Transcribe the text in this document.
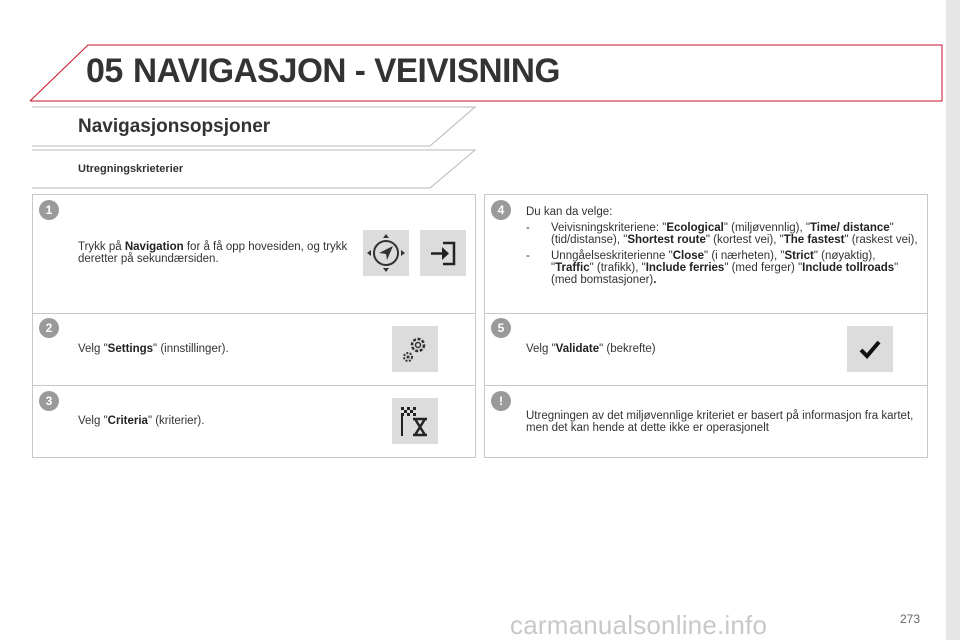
05 NAVIGASJON - VEIVISNING
Navigasjonsopsjoner
Utregningskrieterier
1
Trykk på Navigation for å få opp hovesiden, og trykk deretter på sekundærsiden.
2
Velg "Settings" (innstillinger).
3
Velg "Criteria" (kriterier).
4	Du kan da velge:
- Veivisningskriteriene: "Ecological" (miljøvennlig), "Time/ distance" (tid/distanse), "Shortest route" (kortest vei), "The fastest" (raskest vei),
- Unngåelseskriterienne "Close" (i nærheten), "Strict" (nøyaktig), "Traffic" (trafikk), "Include ferries" (med ferger) "Include tollroads" (med bomstasjoner).
5
Velg "Validate" (bekrefte)
!
Utregningen av det miljøvennlige kriteriet er basert på informasjon fra kartet, men det kan hende at dette ikke er operasjonelt
carmanualsonline.info	273
